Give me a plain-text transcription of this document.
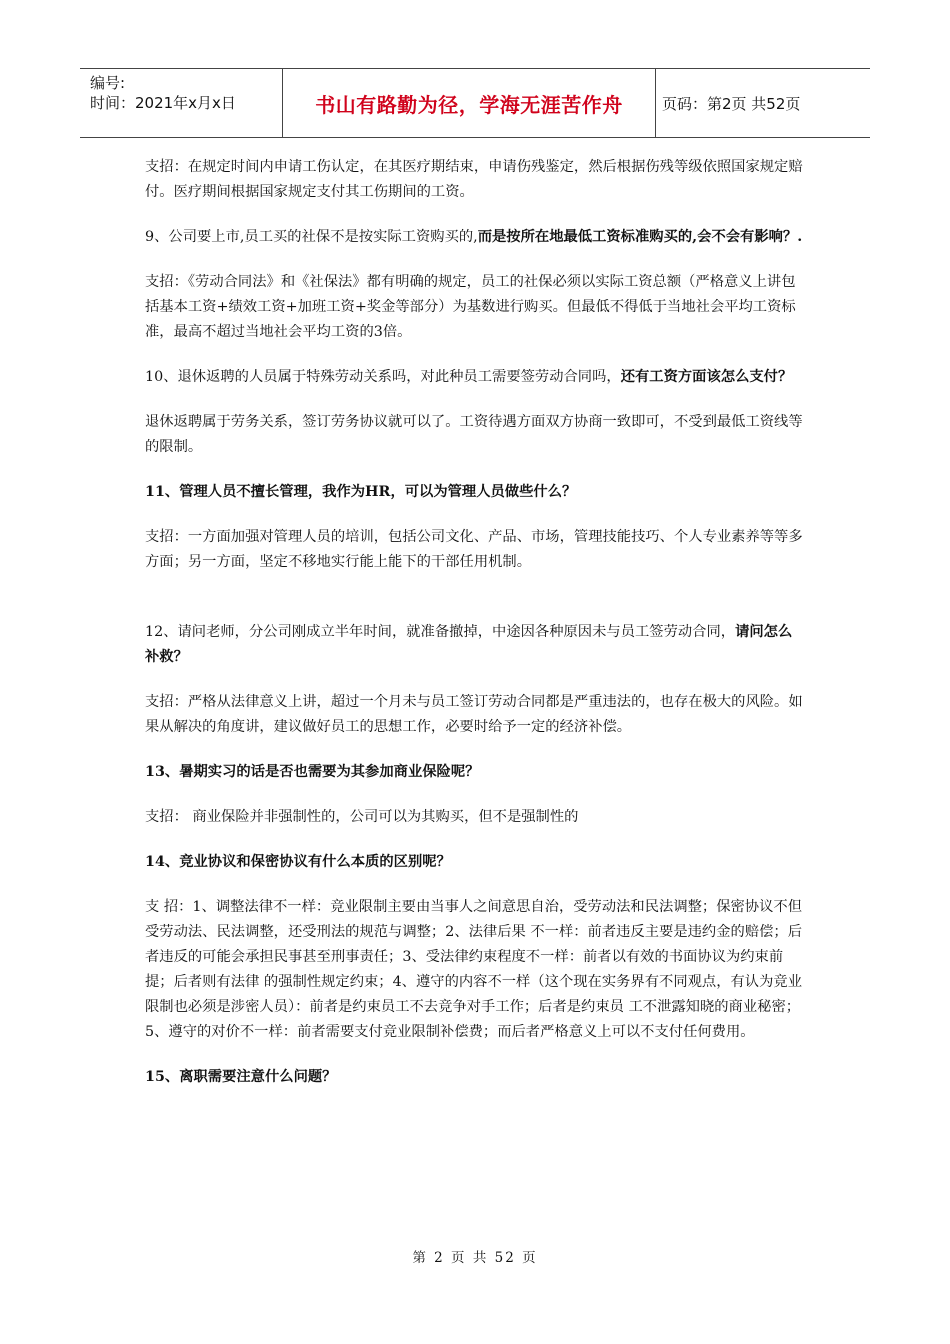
编号:
时间：2021年x月x日	书山有路勤为径，学海无涯苦作舟	页码：第2页 共52页

支招：在规定时间内申请工伤认定，在其医疗期结束，申请伤残鉴定，然后根据伤残等级依照国家规定赔付。医疗期间根据国家规定支付其工伤期间的工资。

9、公司要上市,员工买的社保不是按实际工资购买的,而是按所在地最低工资标准购买的,会不会有影响？.

支招：《劳动合同法》和《社保法》都有明确的规定，员工的社保必须以实际工资总额（严格意义上讲包括基本工资+绩效工资+加班工资+奖金等部分）为基数进行购买。但最低不得低于当地社会平均工资标准，最高不超过当地社会平均工资的3倍。

10、退休返聘的人员属于特殊劳动关系吗，对此种员工需要签劳动合同吗，还有工资方面该怎么支付？

退休返聘属于劳务关系，签订劳务协议就可以了。工资待遇方面双方协商一致即可，不受到最低工资线等的限制。

11、管理人员不擅长管理，我作为HR，可以为管理人员做些什么？

支招：一方面加强对管理人员的培训，包括公司文化、产品、市场，管理技能技巧、个人专业素养等等多方面；另一方面，坚定不移地实行能上能下的干部任用机制。

12、请问老师，分公司刚成立半年时间，就准备撤掉，中途因各种原因未与员工签劳动合同，请问怎么补救？

支招：严格从法律意义上讲，超过一个月未与员工签订劳动合同都是严重违法的，也存在极大的风险。如果从解决的角度讲，建议做好员工的思想工作，必要时给予一定的经济补偿。

13、暑期实习的话是否也需要为其参加商业保险呢？

支招： 商业保险并非强制性的，公司可以为其购买，但不是强制性的

14、竞业协议和保密协议有什么本质的区别呢？

支 招：1、调整法律不一样：竞业限制主要由当事人之间意思自治，受劳动法和民法调整；保密协议不但受劳动法、民法调整，还受刑法的规范与调整；2、法律后果 不一样：前者违反主要是违约金的赔偿；后者违反的可能会承担民事甚至刑事责任；3、受法律约束程度不一样：前者以有效的书面协议为约束前提；后者则有法律 的强制性规定约束；4、遵守的内容不一样（这个现在实务界有不同观点，有认为竞业限制也必须是涉密人员）：前者是约束员工不去竞争对手工作；后者是约束员 工不泄露知晓的商业秘密；5、遵守的对价不一样：前者需要支付竞业限制补偿费；而后者严格意义上可以不支付任何费用。

15、离职需要注意什么问题？

第 2 页 共 52 页
